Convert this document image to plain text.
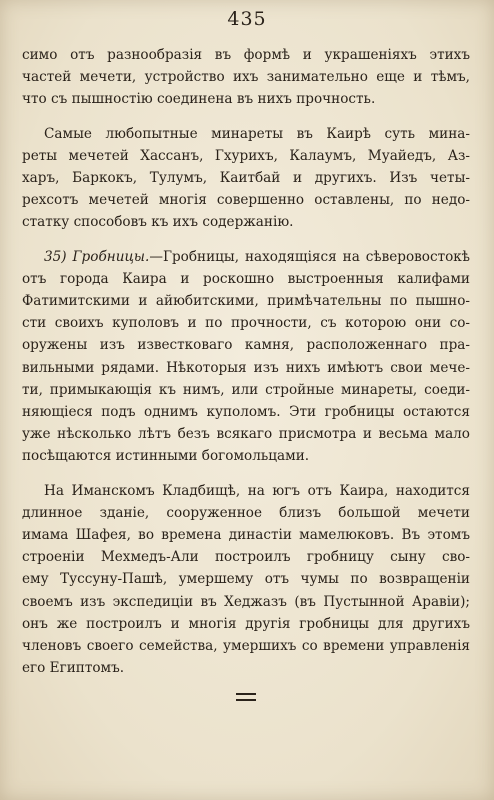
435
симо отъ разнообразія въ формѣ и украшеніяхъ этихъ
частей мечети, устройство ихъ занимательно еще и тѣмъ,
что съ пышностію соединена въ нихъ прочность.
Самые любопытные минареты въ Каирѣ суть мина-
реты мечетей Хассанъ, Гхурихъ, Калаумъ, Муайедъ, Аз-
харъ, Баркокъ, Тулумъ, Каитбай и другихъ. Изъ четы-
рехсотъ мечетей многія совершенно оставлены, по недо-
статку способовъ къ ихъ содержанію.
35) Гробницы.—Гробницы, находящіяся на сѣверовостокѣ
отъ города Каира и роскошно выстроенныя калифами
Фатимитскими и айюбитскими, примѣчательны по пышно-
сти своихъ куполовъ и по прочности, съ которою они со-
оружены изъ известковаго камня, расположеннаго пра-
вильными рядами. Нѣкоторыя изъ нихъ имѣютъ свои мече-
ти, примыкающія къ нимъ, или стройные минареты, соеди-
няющіеся подъ однимъ куполомъ. Эти гробницы остаются
уже нѣсколько лѣтъ безъ всякаго присмотра и весьма мало
посѣщаются истинными богомольцами.
На Иманскомъ Кладбищѣ, на югъ отъ Каира, находится
длинное зданіе, сооруженное близъ большой мечети
имама Шафея, во времена династіи мамелюковъ. Въ этомъ
строеніи Мехмедъ-Али построилъ гробницу сыну сво-
ему Туссуну-Пашѣ, умершему отъ чумы по возвращеніи
своемъ изъ экспедиціи въ Хеджазъ (въ Пустынной Аравіи);
онъ же построилъ и многія другія гробницы для другихъ
членовъ своего семейства, умершихъ со времени управленія
его Египтомъ.
